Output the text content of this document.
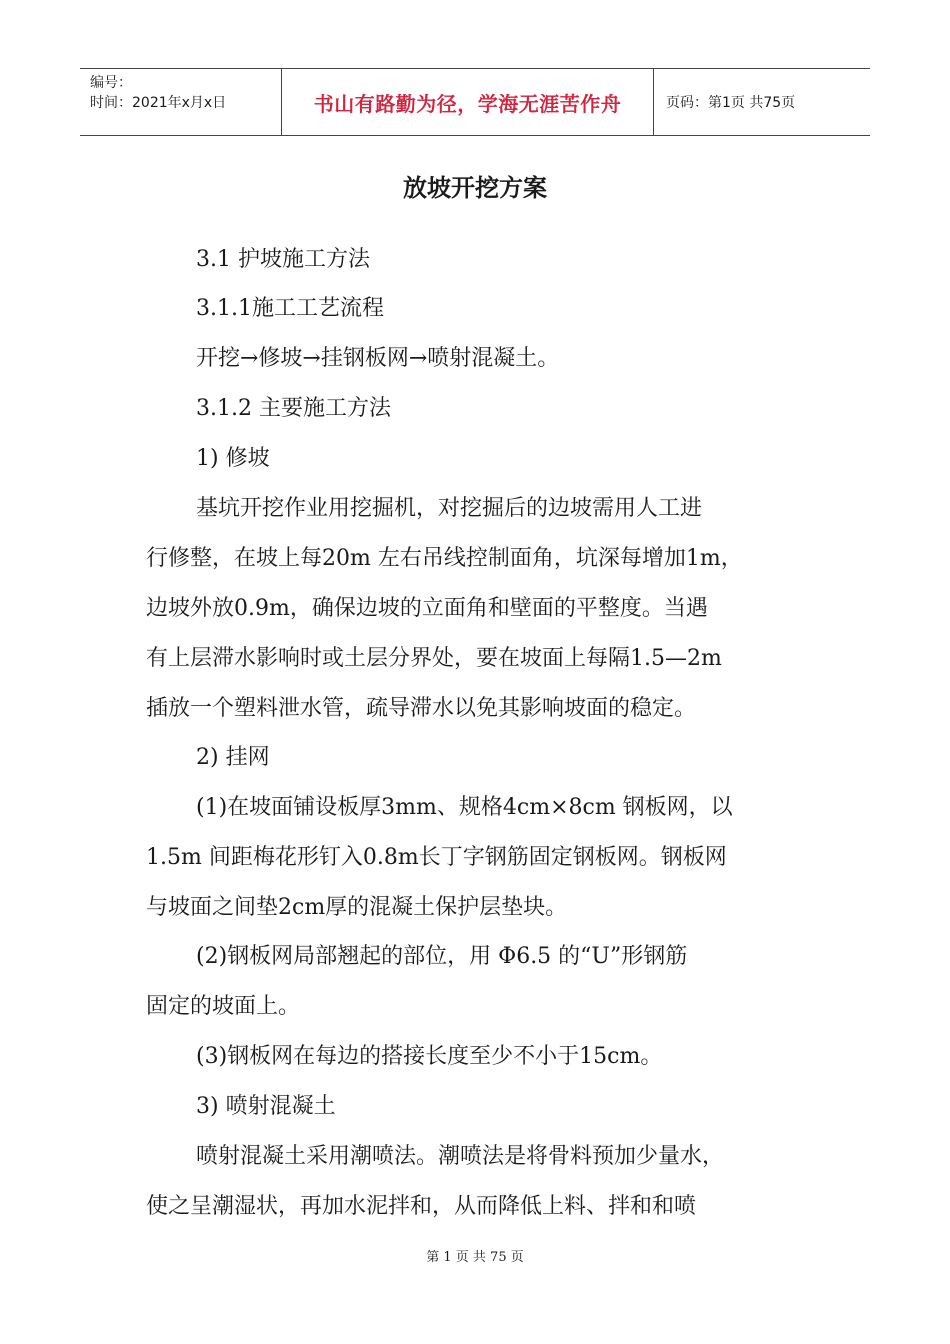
编号：
时间：2021年x月x日	书山有路勤为径，学海无涯苦作舟	页码：第1页 共75页
放坡开挖方案
3.1 护坡施工方法
3.1.1施工工艺流程
开挖→修坡→挂钢板网→喷射混凝土。
3.1.2 主要施工方法
1) 修坡
基坑开挖作业用挖掘机，对挖掘后的边坡需用人工进
行修整，在坡上每20m 左右吊线控制面角，坑深每增加1m，
边坡外放0.9m，确保边坡的立面角和壁面的平整度。当遇
有上层滞水影响时或土层分界处，要在坡面上每隔1.5—2m
插放一个塑料泄水管，疏导滞水以免其影响坡面的稳定。
2) 挂网
(1)在坡面铺设板厚3mm、规格4cm×8cm 钢板网，以
1.5m 间距梅花形钉入0.8m长丁字钢筋固定钢板网。钢板网
与坡面之间垫2cm厚的混凝土保护层垫块。
(2)钢板网局部翘起的部位，用 Φ6.5 的“U”形钢筋
固定的坡面上。
(3)钢板网在每边的搭接长度至少不小于15cm。
3) 喷射混凝土
喷射混凝土采用潮喷法。潮喷法是将骨料预加少量水，
使之呈潮湿状，再加水泥拌和，从而降低上料、拌和和喷
第 1 页 共 75 页
